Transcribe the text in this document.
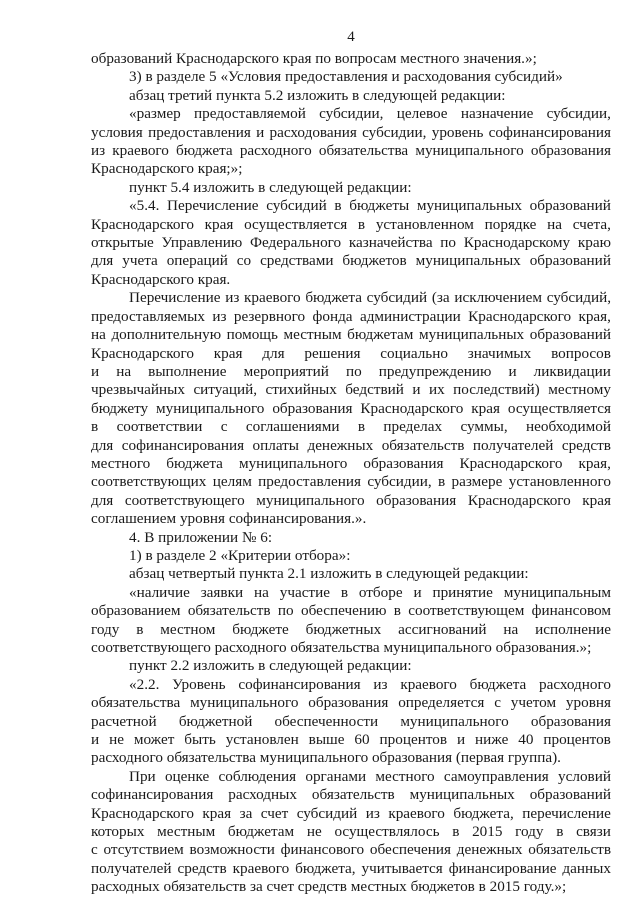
4
образований Краснодарского края по вопросам местного значения.»;
3) в разделе 5 «Условия предоставления и расходования субсидий»
абзац третий пункта 5.2 изложить в следующей редакции:
«размер предоставляемой субсидии, целевое назначение субсидии,
условия предоставления и расходования субсидии, уровень софинансирования
из краевого бюджета расходного обязательства муниципального образования
Краснодарского края;»;
пункт 5.4 изложить в следующей редакции:
«5.4. Перечисление субсидий в бюджеты муниципальных образований
Краснодарского края осуществляется в установленном порядке на счета,
открытые Управлению Федерального казначейства по Краснодарскому краю
для учета операций со средствами бюджетов муниципальных образований
Краснодарского края.
Перечисление из краевого бюджета субсидий (за исключением субсидий,
предоставляемых из резервного фонда администрации Краснодарского края,
на дополнительную помощь местным бюджетам муниципальных образований
Краснодарского края для решения социально значимых вопросов
и на выполнение мероприятий по предупреждению и ликвидации
чрезвычайных ситуаций, стихийных бедствий и их последствий) местному
бюджету муниципального образования Краснодарского края осуществляется
в соответствии с соглашениями в пределах суммы, необходимой
для софинансирования оплаты денежных обязательств получателей средств
местного бюджета муниципального образования Краснодарского края,
соответствующих целям предоставления субсидии, в размере установленного
для соответствующего муниципального образования Краснодарского края
соглашением уровня софинансирования.».
4. В приложении № 6:
1) в разделе 2 «Критерии отбора»:
абзац четвертый пункта 2.1 изложить в следующей редакции:
«наличие заявки на участие в отборе и принятие муниципальным
образованием обязательств по обеспечению в соответствующем финансовом
году в местном бюджете бюджетных ассигнований на исполнение
соответствующего расходного обязательства муниципального образования.»;
пункт 2.2 изложить в следующей редакции:
«2.2. Уровень софинансирования из краевого бюджета расходного
обязательства муниципального образования определяется с учетом уровня
расчетной бюджетной обеспеченности муниципального образования
и не может быть установлен выше 60 процентов и ниже 40 процентов
расходного обязательства муниципального образования (первая группа).
При оценке соблюдения органами местного самоуправления условий
софинансирования расходных обязательств муниципальных образований
Краснодарского края за счет субсидий из краевого бюджета, перечисление
которых местным бюджетам не осуществлялось в 2015 году в связи
с отсутствием возможности финансового обеспечения денежных обязательств
получателей средств краевого бюджета, учитывается финансирование данных
расходных обязательств за счет средств местных бюджетов в 2015 году.»;
